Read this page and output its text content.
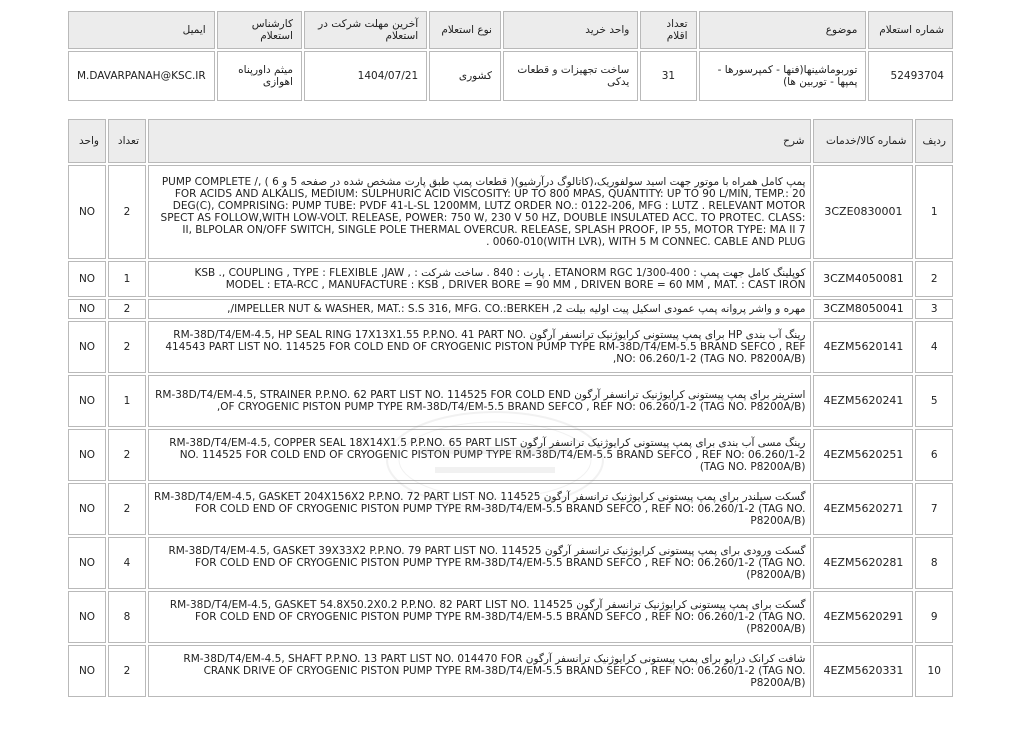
شماره استعلام	موضوع	تعداد اقلام	واحد خرید	نوع استعلام	آخرین مهلت شرکت در استعلام	کارشناس استعلام	ایمیل
52493704	توربوماشینها(فنها - کمپرسورها - پمپها - توربین ها)	31	ساخت تجهیزات و قطعات یدکی	کشوری	1404/07/21	میثم داورپناه اهوازی	M.DAVARPANAH@KSC.IR
ردیف	شماره کالا/خدمات	شرح	تعداد	واحد
1	3CZE0830001	پمپ کامل همراه با موتور جهت اسید سولفوریک،(کاتالوگ درآرشیو)( قطعات پمپ طبق پارت مشخص شده در صفحه 5 و 6 ) ,/ PUMP COMPLETE FOR ACIDS AND ALKALIS, MEDIUM: SULPHURIC ACID VISCOSITY: UP TO 800 MPAS, QUANTITY: UP TO 90 L/MIN, TEMP.: 20 DEG(C), COMPRISING: PUMP TUBE: PVDF 41-L-SL 1200MM, LUTZ ORDER NO.: 0122-206, MFG : LUTZ . RELEVANT MOTOR SPECT AS FOLLOW,WITH LOW-VOLT. RELEASE, POWER: 750 W, 230 V 50 HZ, DOUBLE INSULATED ACC. TO PROTEC. CLASS: II, BLPOLAR ON/OFF SWITCH, SINGLE POLE THERMAL OVERCUR. RELEASE, SPLASH PROOF, IP 55, MOTOR TYPE: MA II 7 0060-010(WITH LVR), WITH 5 M CONNEC. CABLE AND PLUG .	2	NO
2	3CZM4050081	کوپلینگ کامل جهت پمپ : ETANORM RGC 1/300-400 . پارت : 840 . ساخت شرکت : KSB ., COUPLING , TYPE : FLEXIBLE ,JAW , MODEL : ETA-RCC , MANUFACTURE : KSB , DRIVER BORE = 90 MM , DRIVEN BORE = 60 MM , MAT. : CAST IRON	1	NO
3	3CZM8050041	مهره و واشر پروانه پمپ عمودی اسکیل پیت اولیه بیلت 2, IMPELLER NUT & WASHER, MAT.: S.S 316, MFG. CO.:BERKEH/,	2	NO
4	4EZM5620141	رینگ آب بندی HP برای پمپ پیستونی کرایوژنیک ترانسفر آرگون RM-38D/T4/EM-4.5, HP SEAL RING 17X13X1.55 P.P.NO. 41 PART NO. 414543 PART LIST NO. 114525 FOR COLD END OF CRYOGENIC PISTON PUMP TYPE RM-38D/T4/EM-5.5 BRAND SEFCO , REF NO: 06.260/1-2 (TAG NO. P8200A/B),	2	NO
5	4EZM5620241	استرینر برای پمپ پیستونی کرایوژنیک ترانسفر آرگون RM-38D/T4/EM-4.5, STRAINER P.P.NO. 62 PART LIST NO. 114525 FOR COLD END OF CRYOGENIC PISTON PUMP TYPE RM-38D/T4/EM-5.5 BRAND SEFCO , REF NO: 06.260/1-2 (TAG NO. P8200A/B),	1	NO
6	4EZM5620251	رینگ مسی آب بندی برای پمپ پیستونی کرایوژنیک ترانسفر آرگون RM-38D/T4/EM-4.5, COPPER SEAL 18X14X1.5 P.P.NO. 65 PART LIST NO. 114525 FOR COLD END OF CRYOGENIC PISTON PUMP TYPE RM-38D/T4/EM-5.5 BRAND SEFCO , REF NO: 06.260/1-2 (TAG NO. P8200A/B)	2	NO
7	4EZM5620271	گسکت سیلندر برای پمپ پیستونی کرایوژنیک ترانسفر آرگون RM-38D/T4/EM-4.5, GASKET 204X156X2 P.P.NO. 72 PART LIST NO. 114525 FOR COLD END OF CRYOGENIC PISTON PUMP TYPE RM-38D/T4/EM-5.5 BRAND SEFCO , REF NO: 06.260/1-2 (TAG NO. P8200A/B)	2	NO
8	4EZM5620281	گسکت ورودی برای پمپ پیستونی کرایوژنیک ترانسفر آرگون RM-38D/T4/EM-4.5, GASKET 39X33X2 P.P.NO. 79 PART LIST NO. 114525 FOR COLD END OF CRYOGENIC PISTON PUMP TYPE RM-38D/T4/EM-5.5 BRAND SEFCO , REF NO: 06.260/1-2 (TAG NO. P8200A/B))	4	NO
9	4EZM5620291	گسکت برای پمپ پیستونی کرایوژنیک ترانسفر آرگون RM-38D/T4/EM-4.5, GASKET 54.8X50.2X0.2 P.P.NO. 82 PART LIST NO. 114525 FOR COLD END OF CRYOGENIC PISTON PUMP TYPE RM-38D/T4/EM-5.5 BRAND SEFCO , REF NO: 06.260/1-2 (TAG NO. P8200A/B))	8	NO
10	4EZM5620331	شافت کرانک درایو برای پمپ پیستونی کرایوژنیک ترانسفر آرگون RM-38D/T4/EM-4.5, SHAFT P.P.NO. 13 PART LIST NO. 014470 FOR CRANK DRIVE OF CRYOGENIC PISTON PUMP TYPE RM-38D/T4/EM-5.5 BRAND SEFCO , REF NO: 06.260/1-2 (TAG NO. P8200A/B)	2	NO
